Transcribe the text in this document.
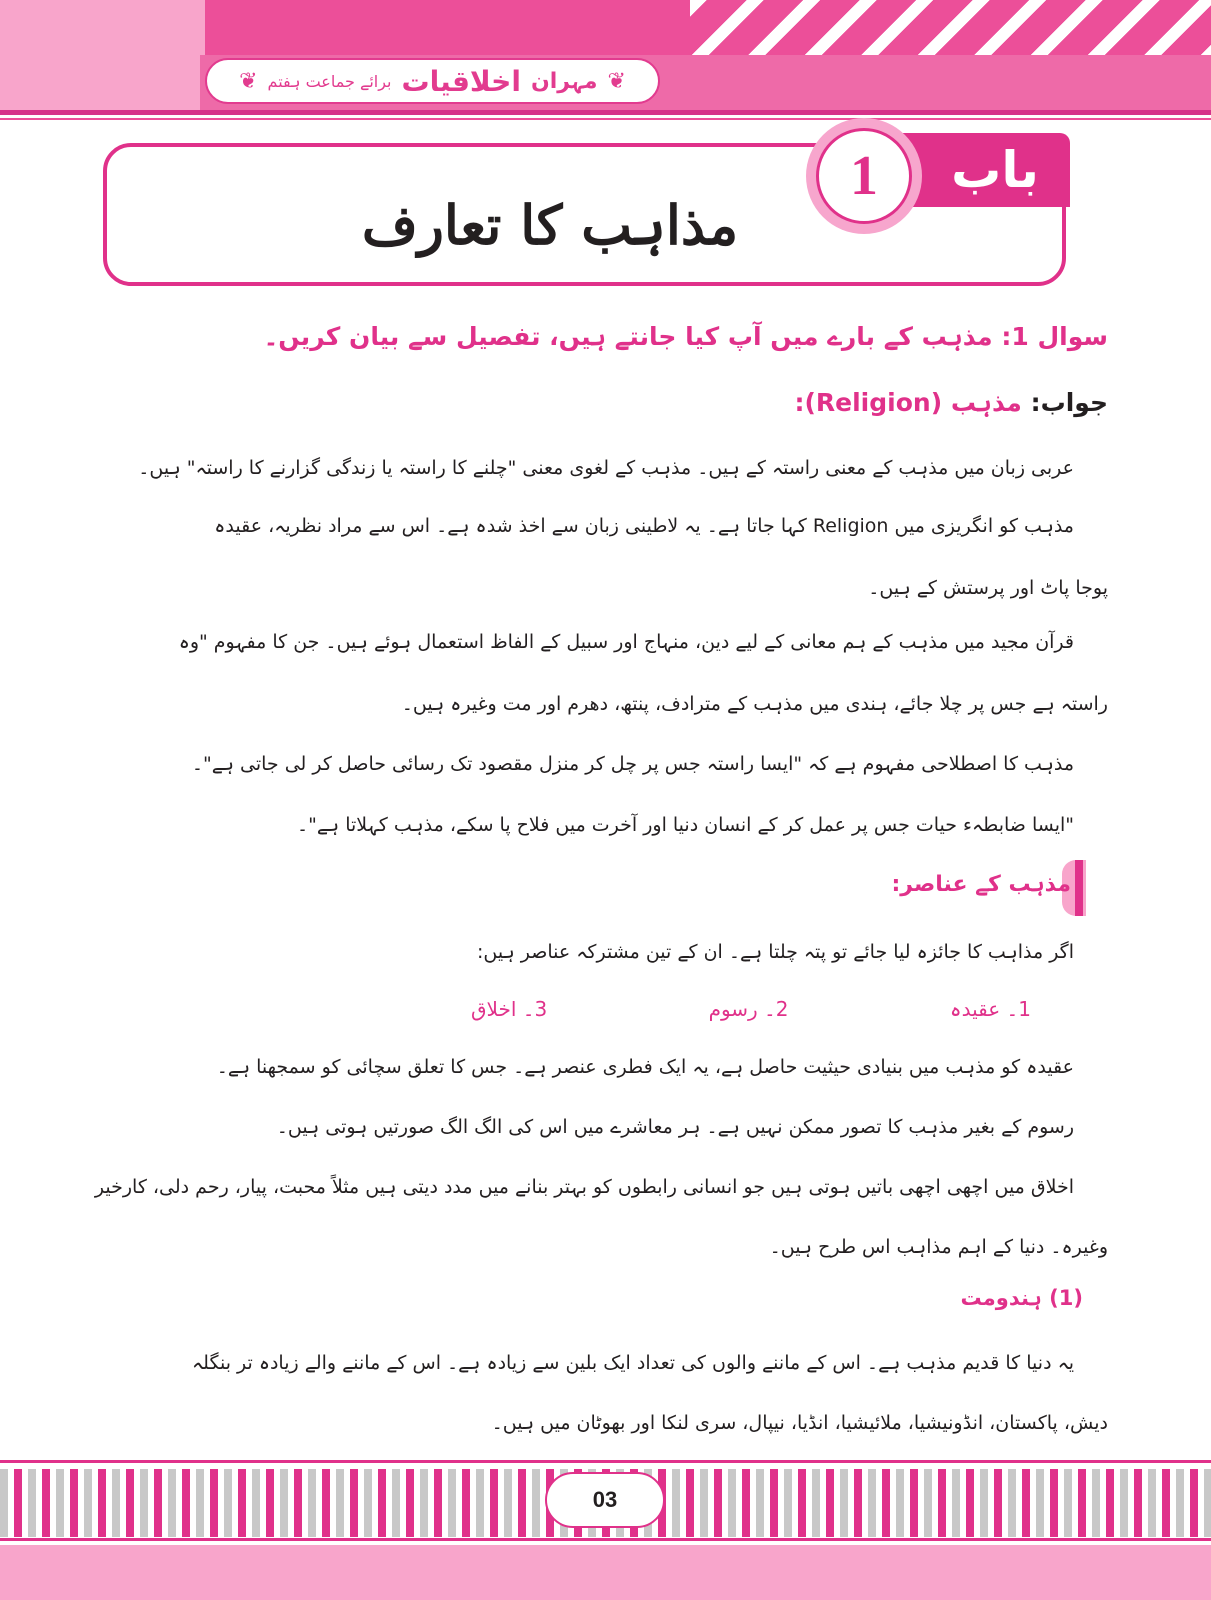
❦
مہران
اخلاقیات
برائے جماعت ہفتم
❦
باب
1
مذاہب کا تعارف
سوال 1: مذہب کے بارے میں آپ کیا جانتے ہیں، تفصیل سے بیان کریں۔
جواب: مذہب (Religion):
عربی زبان میں مذہب کے معنی راستہ کے ہیں۔ مذہب کے لغوی معنی "چلنے کا راستہ یا زندگی گزارنے کا راستہ" ہیں۔
مذہب کو انگریزی میں Religion کہا جاتا ہے۔ یہ لاطینی زبان سے اخذ شدہ ہے۔ اس سے مراد نظریہ، عقیدہ
پوجا پاٹ اور پرستش کے ہیں۔
قرآن مجید میں مذہب کے ہم معانی کے لیے دین، منہاج اور سبیل کے الفاظ استعمال ہوئے ہیں۔ جن کا مفہوم "وہ
راستہ ہے جس پر چلا جائے، ہندی میں مذہب کے مترادف، پنتھ، دھرم اور مت وغیرہ ہیں۔
مذہب کا اصطلاحی مفہوم ہے کہ "ایسا راستہ جس پر چل کر منزل مقصود تک رسائی حاصل کر لی جاتی ہے"۔
"ایسا ضابطہء حیات جس پر عمل کر کے انسان دنیا اور آخرت میں فلاح پا سکے، مذہب کہلاتا ہے"۔
مذہب کے عناصر:
اگر مذاہب کا جائزہ لیا جائے تو پتہ چلتا ہے۔ ان کے تین مشترکہ عناصر ہیں:
1۔ عقیدہ
2۔ رسوم
3۔ اخلاق
عقیدہ کو مذہب میں بنیادی حیثیت حاصل ہے، یہ ایک فطری عنصر ہے۔ جس کا تعلق سچائی کو سمجھنا ہے۔
رسوم کے بغیر مذہب کا تصور ممکن نہیں ہے۔ ہر معاشرے میں اس کی الگ الگ صورتیں ہوتی ہیں۔
اخلاق میں اچھی اچھی باتیں ہوتی ہیں جو انسانی رابطوں کو بہتر بنانے میں مدد دیتی ہیں مثلاً محبت، پیار، رحم دلی، کارخیر
وغیرہ۔ دنیا کے اہم مذاہب اس طرح ہیں۔
(1) ہندومت
یہ دنیا کا قدیم مذہب ہے۔ اس کے ماننے والوں کی تعداد ایک بلین سے زیادہ ہے۔ اس کے ماننے والے زیادہ تر بنگلہ
دیش، پاکستان، انڈونیشیا، ملائیشیا، انڈیا، نیپال، سری لنکا اور بھوٹان میں ہیں۔
03
